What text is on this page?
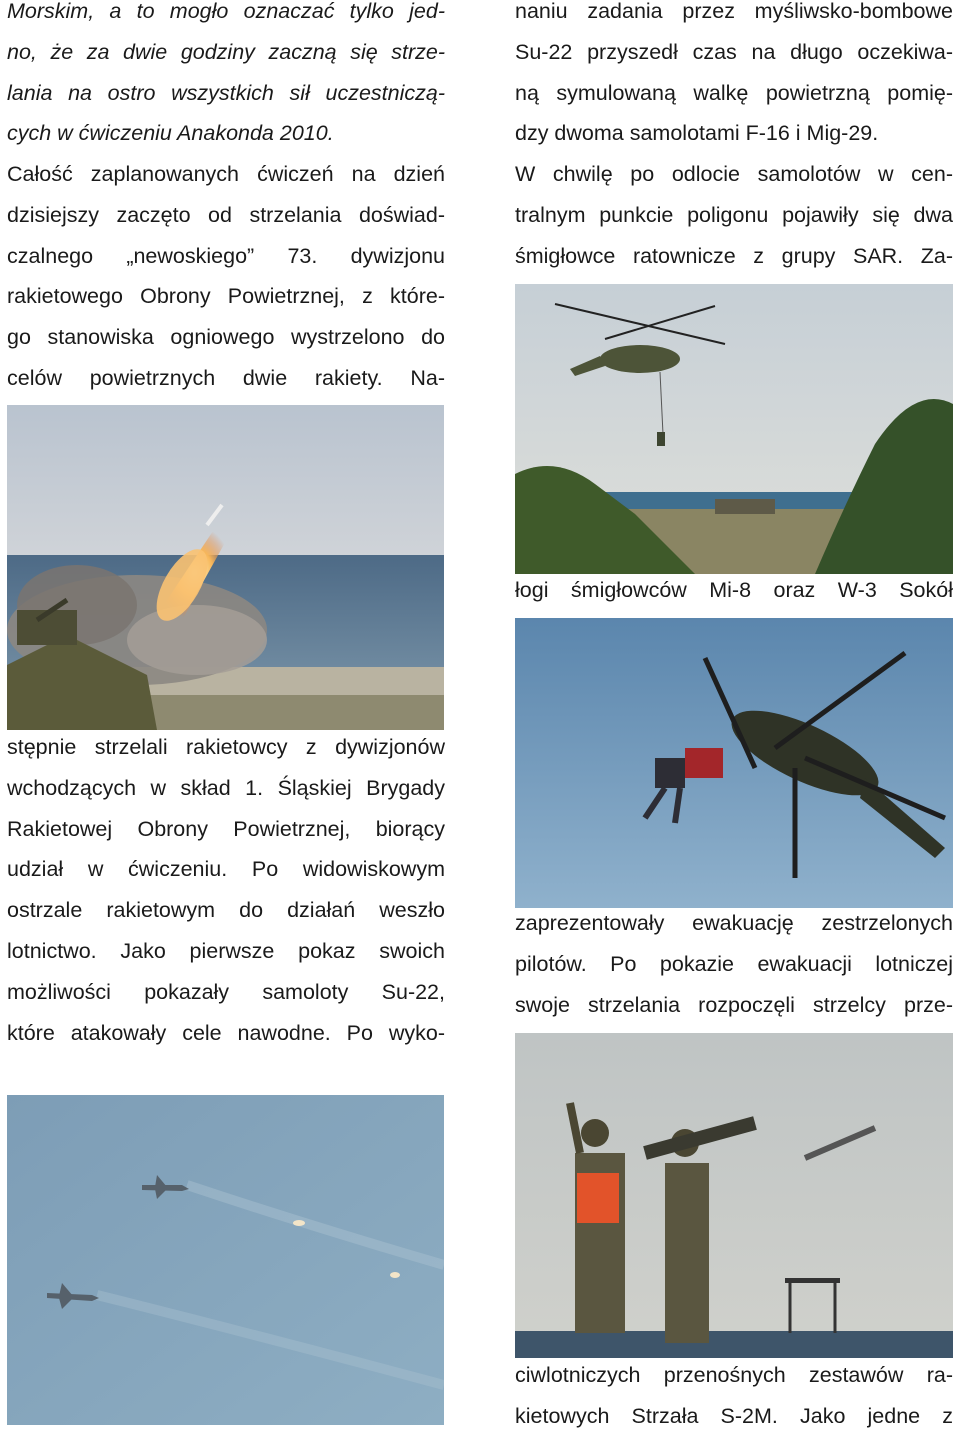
Morskim, a to mogło oznaczać tylko jed-
no, że za dwie godziny zaczną się strze-
lania na ostro wszystkich sił uczestniczą-
cych w ćwiczeniu Anakonda 2010.

Całość zaplanowanych ćwiczeń na dzień
dzisiejszy zaczęto od strzelania doświad-
czalnego „newoskiego” 73. dywizjonu
rakietowego Obrony Powietrznej, z które-
go stanowiska ogniowego wystrzelono do
celów powietrznych dwie rakiety. Na-

stępnie strzelali rakietowcy z dywizjonów
wchodzących w skład 1. Śląskiej Brygady
Rakietowej Obrony Powietrznej, biorący
udział w ćwiczeniu. Po widowiskowym
ostrzale rakietowym do działań weszło
lotnictwo. Jako pierwsze pokaz swoich
możliwości pokazały samoloty Su-22,
które atakowały cele nawodne. Po wyko-

naniu zadania przez myśliwsko-bombowe
Su-22 przyszedł czas na długo oczekiwa-
ną symulowaną walkę powietrzną pomię-
dzy dwoma samolotami F-16 i Mig-29.
W chwilę po odlocie samolotów w cen-
tralnym punkcie poligonu pojawiły się dwa
śmigłowce ratownicze z grupy SAR. Za-

łogi śmigłowców Mi-8 oraz W-3 Sokół

zaprezentowały ewakuację zestrzelonych
pilotów. Po pokazie ewakuacji lotniczej
swoje strzelania rozpoczęli strzelcy prze-

ciwlotniczych przenośnych zestawów ra-
kietowych Strzała S-2M. Jako jedne z
